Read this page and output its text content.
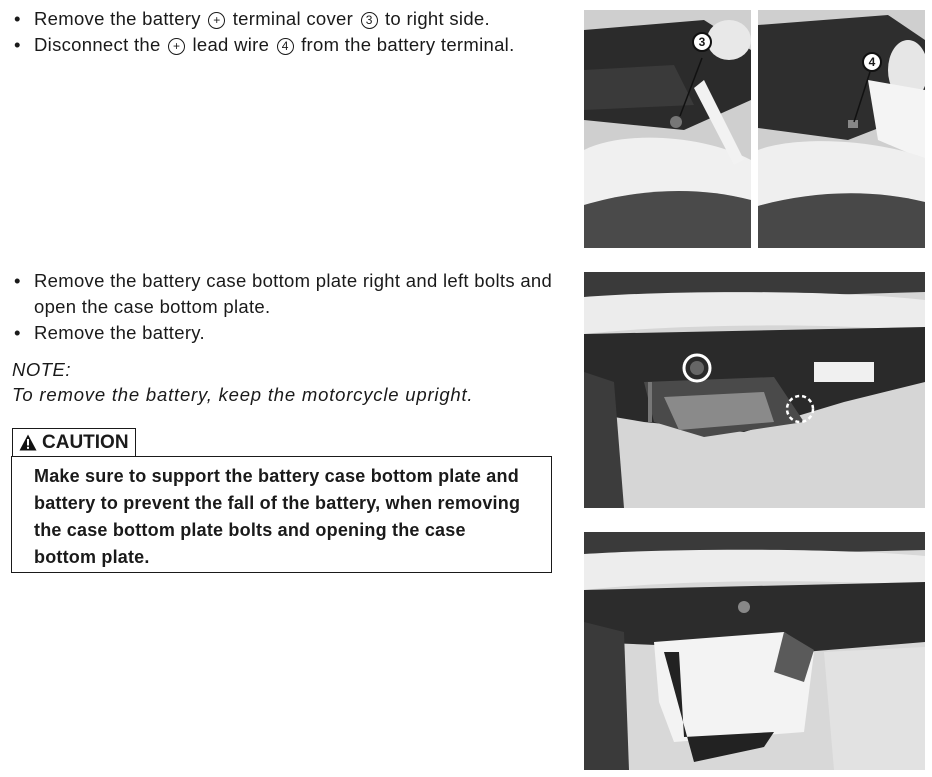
• Remove the battery + terminal cover 3 to right side.
• Disconnect the + lead wire 4 from the battery terminal.
• Remove the battery case bottom plate right and left bolts and open the case bottom plate.
• Remove the battery.
NOTE:
To remove the battery, keep the motorcycle upright.
CAUTION
Make sure to support the battery case bottom plate and battery to prevent the fall of the battery, when removing the case bottom plate bolts and opening the case bottom plate.
3
4
